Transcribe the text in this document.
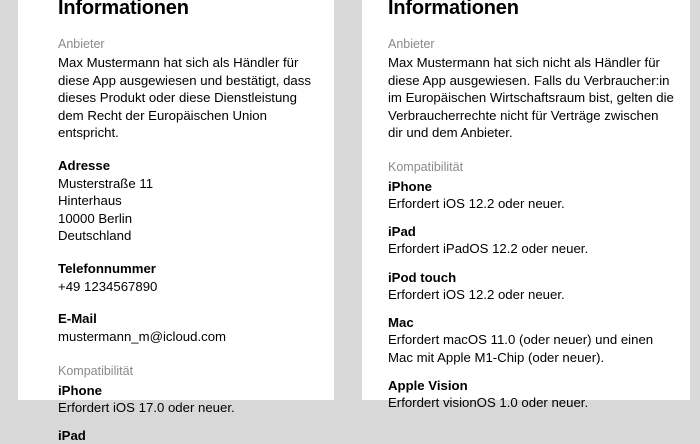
Informationen
Anbieter

Max Mustermann hat sich als Händler für diese App ausgewiesen und bestätigt, dass dieses Produkt oder diese Dienstleistung dem Recht der Europäischen Union entspricht.

Adresse
Musterstraße 11
Hinterhaus
10000 Berlin
Deutschland
Telefonnummer
+49 1234567890
E-Mail
mustermann_m@icloud.com
Kompatibilität
iPhone
Erfordert iOS 17.0 oder neuer.
iPad
Informationen
Anbieter

Max Mustermann hat sich nicht als Händler für diese App ausgewiesen. Falls du Verbraucher:in im Europäischen Wirtschaftsraum bist, gelten die Verbraucherrechte nicht für Verträge zwischen dir und dem Anbieter.

Kompatibilität
iPhone
Erfordert iOS 12.2 oder neuer.
iPad
Erfordert iPadOS 12.2 oder neuer.
iPod touch
Erfordert iOS 12.2 oder neuer.
Mac
Erfordert macOS 11.0 (oder neuer) und einen Mac mit Apple M1-Chip (oder neuer).
Apple Vision
Erfordert visionOS 1.0 oder neuer.
